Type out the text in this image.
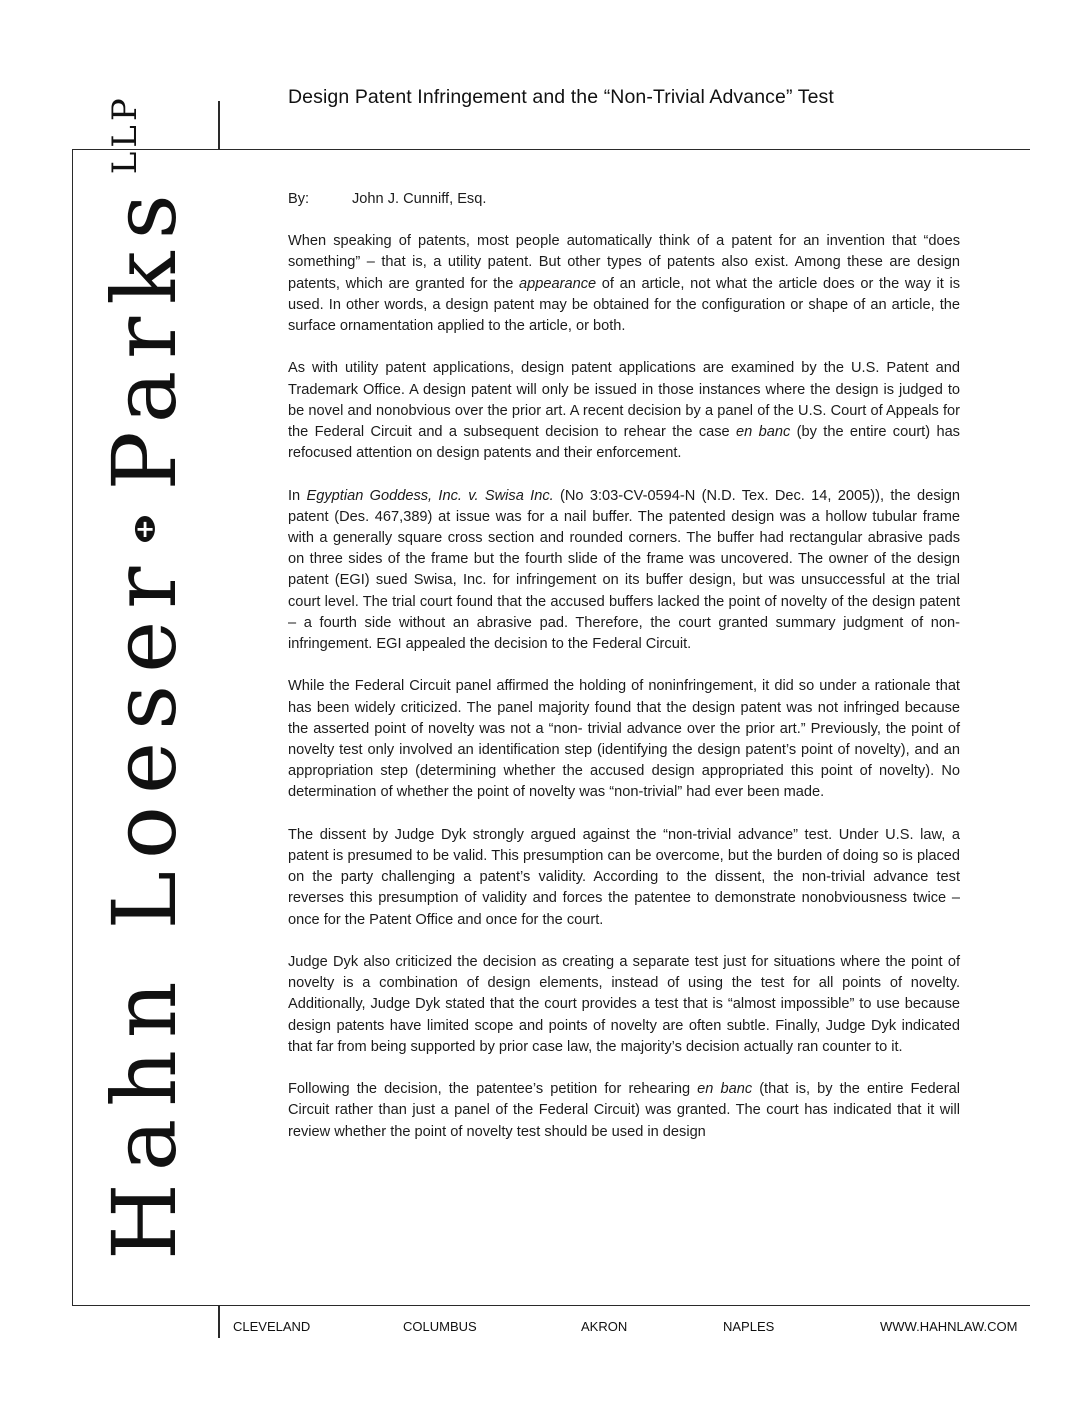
Design Patent Infringement and the “Non-Trivial Advance” Test
Hahn Loeser
+
Parks
LLP
By:	John J. Cunniff, Esq.

When speaking of patents, most people automatically think of a patent for an invention that “does something” – that is, a utility patent. But other types of patents also exist. Among these are design patents, which are granted for the appearance of an article, not what the article does or the way it is used. In other words, a design patent may be obtained for the configuration or shape of an article, the surface ornamentation applied to the article, or both.

As with utility patent applications, design patent applications are examined by the U.S. Patent and Trademark Office. A design patent will only be issued in those instances where the design is judged to be novel and nonobvious over the prior art. A recent decision by a panel of the U.S. Court of Appeals for the Federal Circuit and a subsequent decision to rehear the case en banc (by the entire court) has refocused attention on design patents and their enforcement.

In Egyptian Goddess, Inc. v. Swisa Inc. (No 3:03-CV-0594-N (N.D. Tex. Dec. 14, 2005)), the design patent (Des. 467,389) at issue was for a nail buffer. The patented design was a hollow tubular frame with a generally square cross section and rounded corners. The buffer had rectangular abrasive pads on three sides of the frame but the fourth slide of the frame was uncovered. The owner of the design patent (EGI) sued Swisa, Inc. for infringement on its buffer design, but was unsuccessful at the trial court level. The trial court found that the accused buffers lacked the point of novelty of the design patent – a fourth side without an abrasive pad. Therefore, the court granted summary judgment of non-infringement. EGI appealed the decision to the Federal Circuit.

While the Federal Circuit panel affirmed the holding of noninfringement, it did so under a rationale that has been widely criticized. The panel majority found that the design patent was not infringed because the asserted point of novelty was not a “non- trivial advance over the prior art.” Previously, the point of novelty test only involved an identification step (identifying the design patent’s point of novelty), and an appropriation step (determining whether the accused design appropriated this point of novelty). No determination of whether the point of novelty was “non-trivial” had ever been made.

The dissent by Judge Dyk strongly argued against the “non-trivial advance” test. Under U.S. law, a patent is presumed to be valid. This presumption can be overcome, but the burden of doing so is placed on the party challenging a patent’s validity. According to the dissent, the non-trivial advance test reverses this presumption of validity and forces the patentee to demonstrate nonobviousness twice – once for the Patent Office and once for the court.

Judge Dyk also criticized the decision as creating a separate test just for situations where the point of novelty is a combination of design elements, instead of using the test for all points of novelty. Additionally, Judge Dyk stated that the court provides a test that is “almost impossible” to use because design patents have limited scope and points of novelty are often subtle. Finally, Judge Dyk indicated that far from being supported by prior case law, the majority’s decision actually ran counter to it.

Following the decision, the patentee’s petition for rehearing en banc (that is, by the entire Federal Circuit rather than just a panel of the Federal Circuit) was granted. The court has indicated that it will review whether the point of novelty test should be used in design

CLEVELAND	COLUMBUS	AKRON	NAPLES	WWW.HAHNLAW.COM
